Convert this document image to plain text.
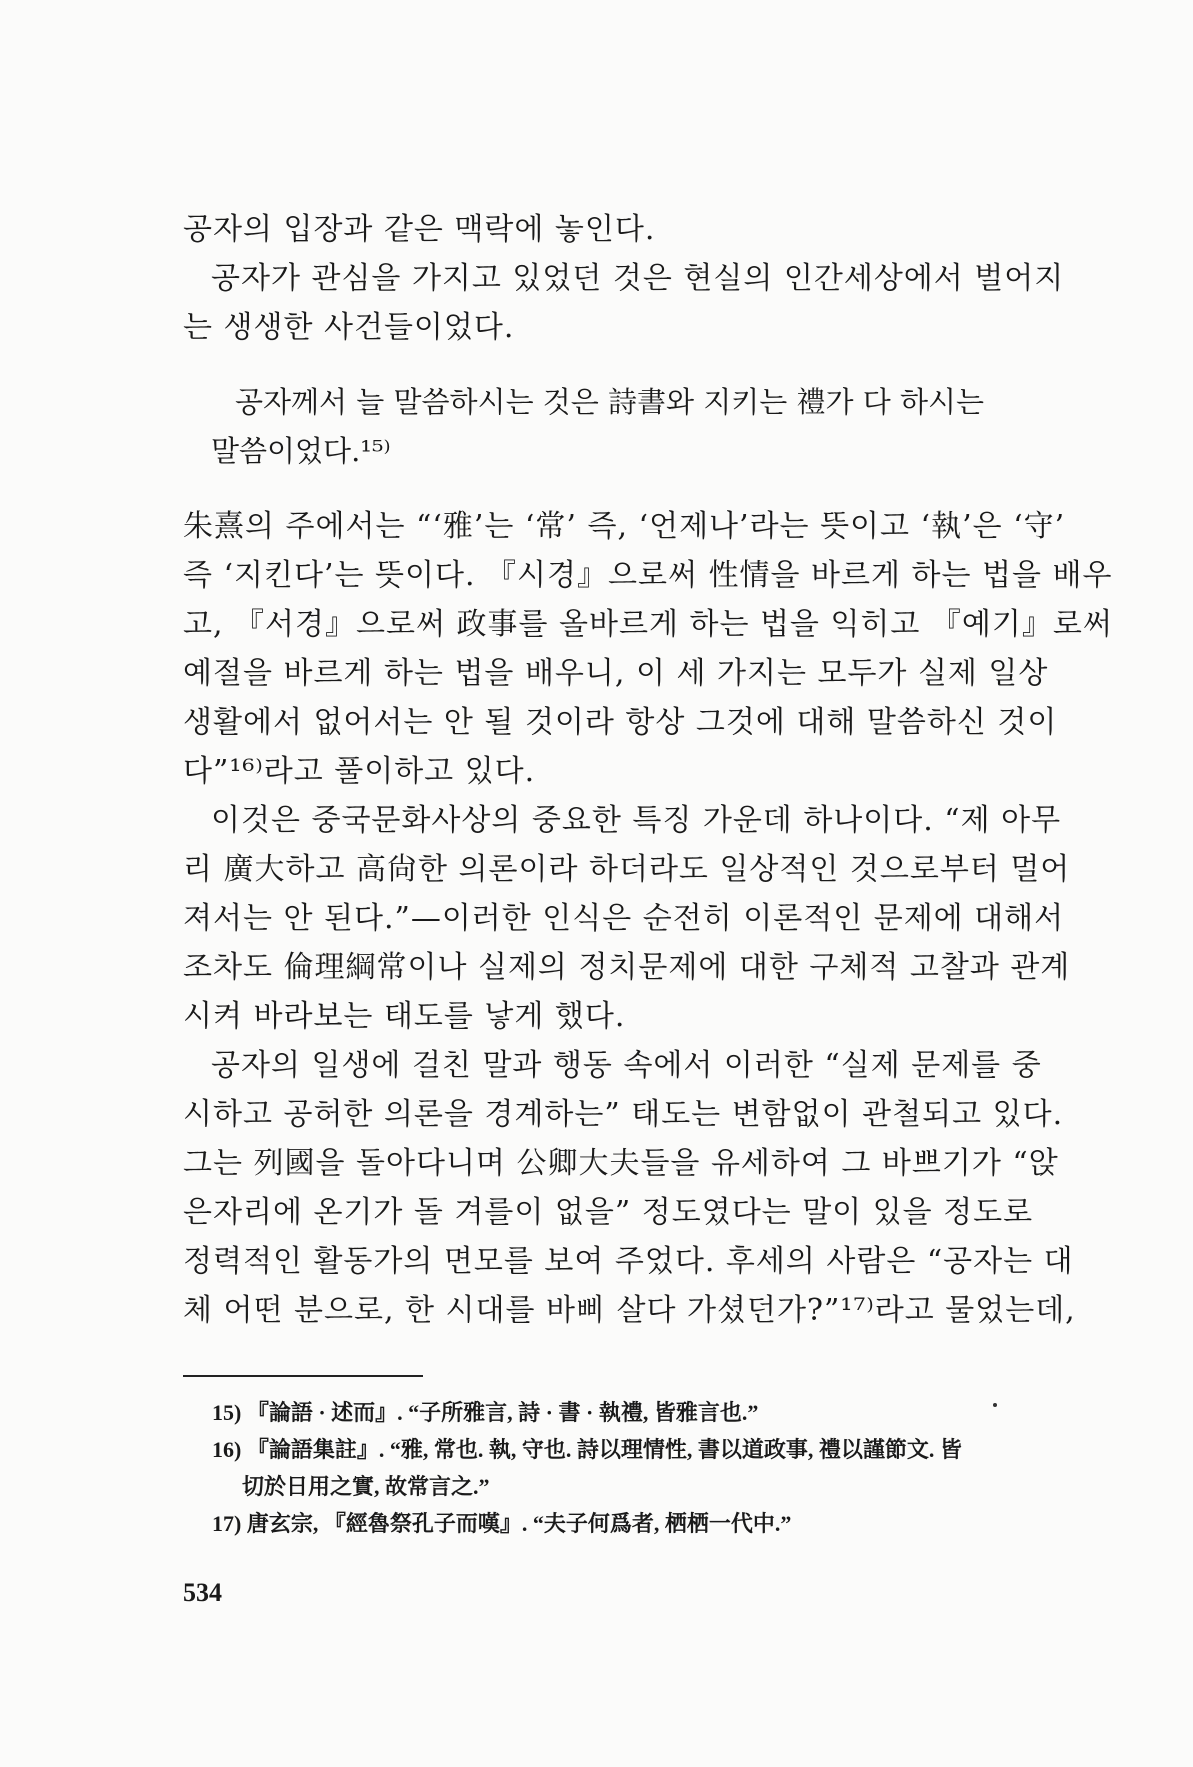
공자의 입장과 같은 맥락에 놓인다.
공자가 관심을 가지고 있었던 것은 현실의 인간세상에서 벌어지
는 생생한 사건들이었다.
공자께서 늘 말씀하시는 것은 詩書와 지키는 禮가 다 하시는
말씀이었다.¹⁵⁾
朱熹의 주에서는 “‘雅’는 ‘常’ 즉, ‘언제나’라는 뜻이고 ‘執’은 ‘守’
즉 ‘지킨다’는 뜻이다. 『시경』으로써 性情을 바르게 하는 법을 배우
고, 『서경』으로써 政事를 올바르게 하는 법을 익히고 『예기』로써
예절을 바르게 하는 법을 배우니, 이 세 가지는 모두가 실제 일상
생활에서 없어서는 안 될 것이라 항상 그것에 대해 말씀하신 것이
다”¹⁶⁾라고 풀이하고 있다.
이것은 중국문화사상의 중요한 특징 가운데 하나이다. “제 아무
리 廣大하고 高尙한 의론이라 하더라도 일상적인 것으로부터 멀어
져서는 안 된다.”—이러한 인식은 순전히 이론적인 문제에 대해서
조차도 倫理綱常이나 실제의 정치문제에 대한 구체적 고찰과 관계
시켜 바라보는 태도를 낳게 했다.
공자의 일생에 걸친 말과 행동 속에서 이러한 “실제 문제를 중
시하고 공허한 의론을 경계하는” 태도는 변함없이 관철되고 있다.
그는 列國을 돌아다니며 公卿大夫들을 유세하여 그 바쁘기가 “앉
은자리에 온기가 돌 겨를이 없을” 정도였다는 말이 있을 정도로
정력적인 활동가의 면모를 보여 주었다. 후세의 사람은 “공자는 대
체 어떤 분으로, 한 시대를 바삐 살다 가셨던가?”¹⁷⁾라고 물었는데,
15) 『論語 · 述而』. “子所雅言, 詩 · 書 · 執禮, 皆雅言也.”
16) 『論語集註』. “雅, 常也. 執, 守也. 詩以理情性, 書以道政事, 禮以謹節文. 皆
切於日用之實, 故常言之.”
17) 唐玄宗, 『經魯祭孔子而嘆』. “夫子何爲者, 栖栖一代中.”
534
